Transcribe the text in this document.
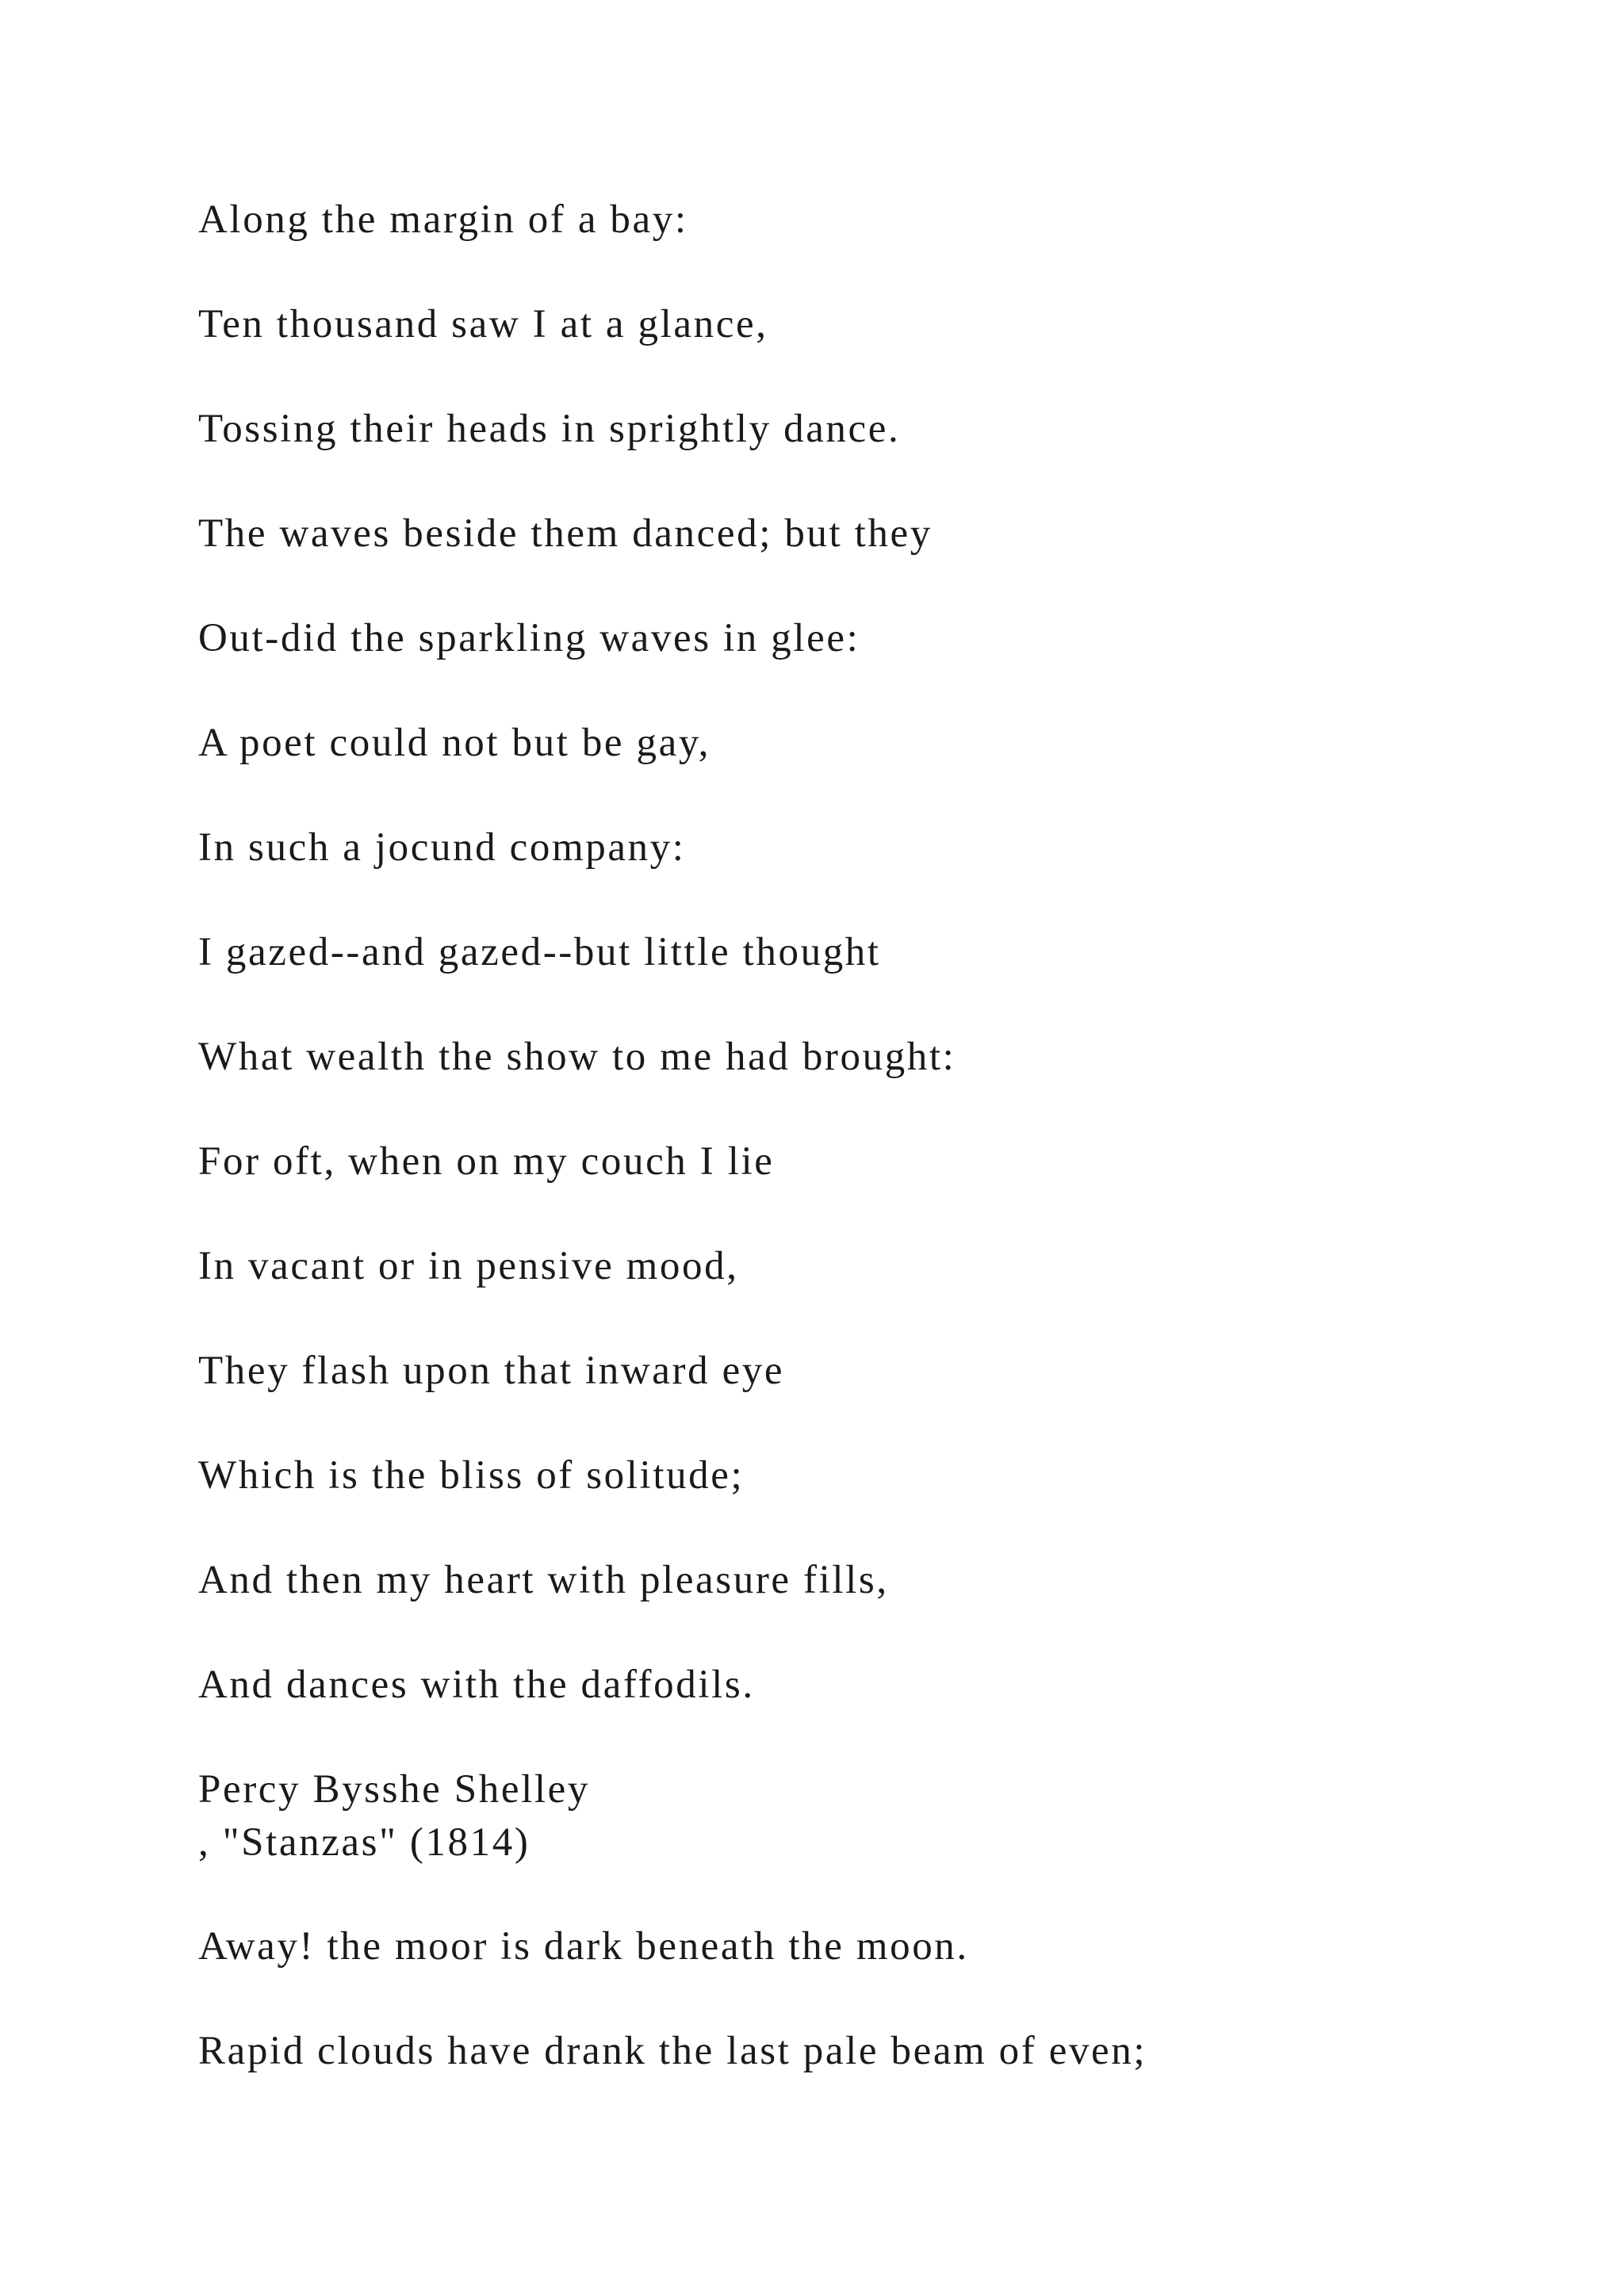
Along the margin of a bay:

Ten thousand saw I at a glance,

Tossing their heads in sprightly dance.

The waves beside them danced; but they

Out-did the sparkling waves in glee:

A poet could not but be gay,

In such a jocund company:

I gazed--and gazed--but little thought

What wealth the show to me had brought:

For oft, when on my couch I lie

In vacant or in pensive mood,

They flash upon that inward eye

Which is the bliss of solitude;

And then my heart with pleasure fills,

And dances with the daffodils.

Percy Bysshe Shelley

, "Stanzas" (1814)

Away! the moor is dark beneath the moon.

Rapid clouds have drank the last pale beam of even;
